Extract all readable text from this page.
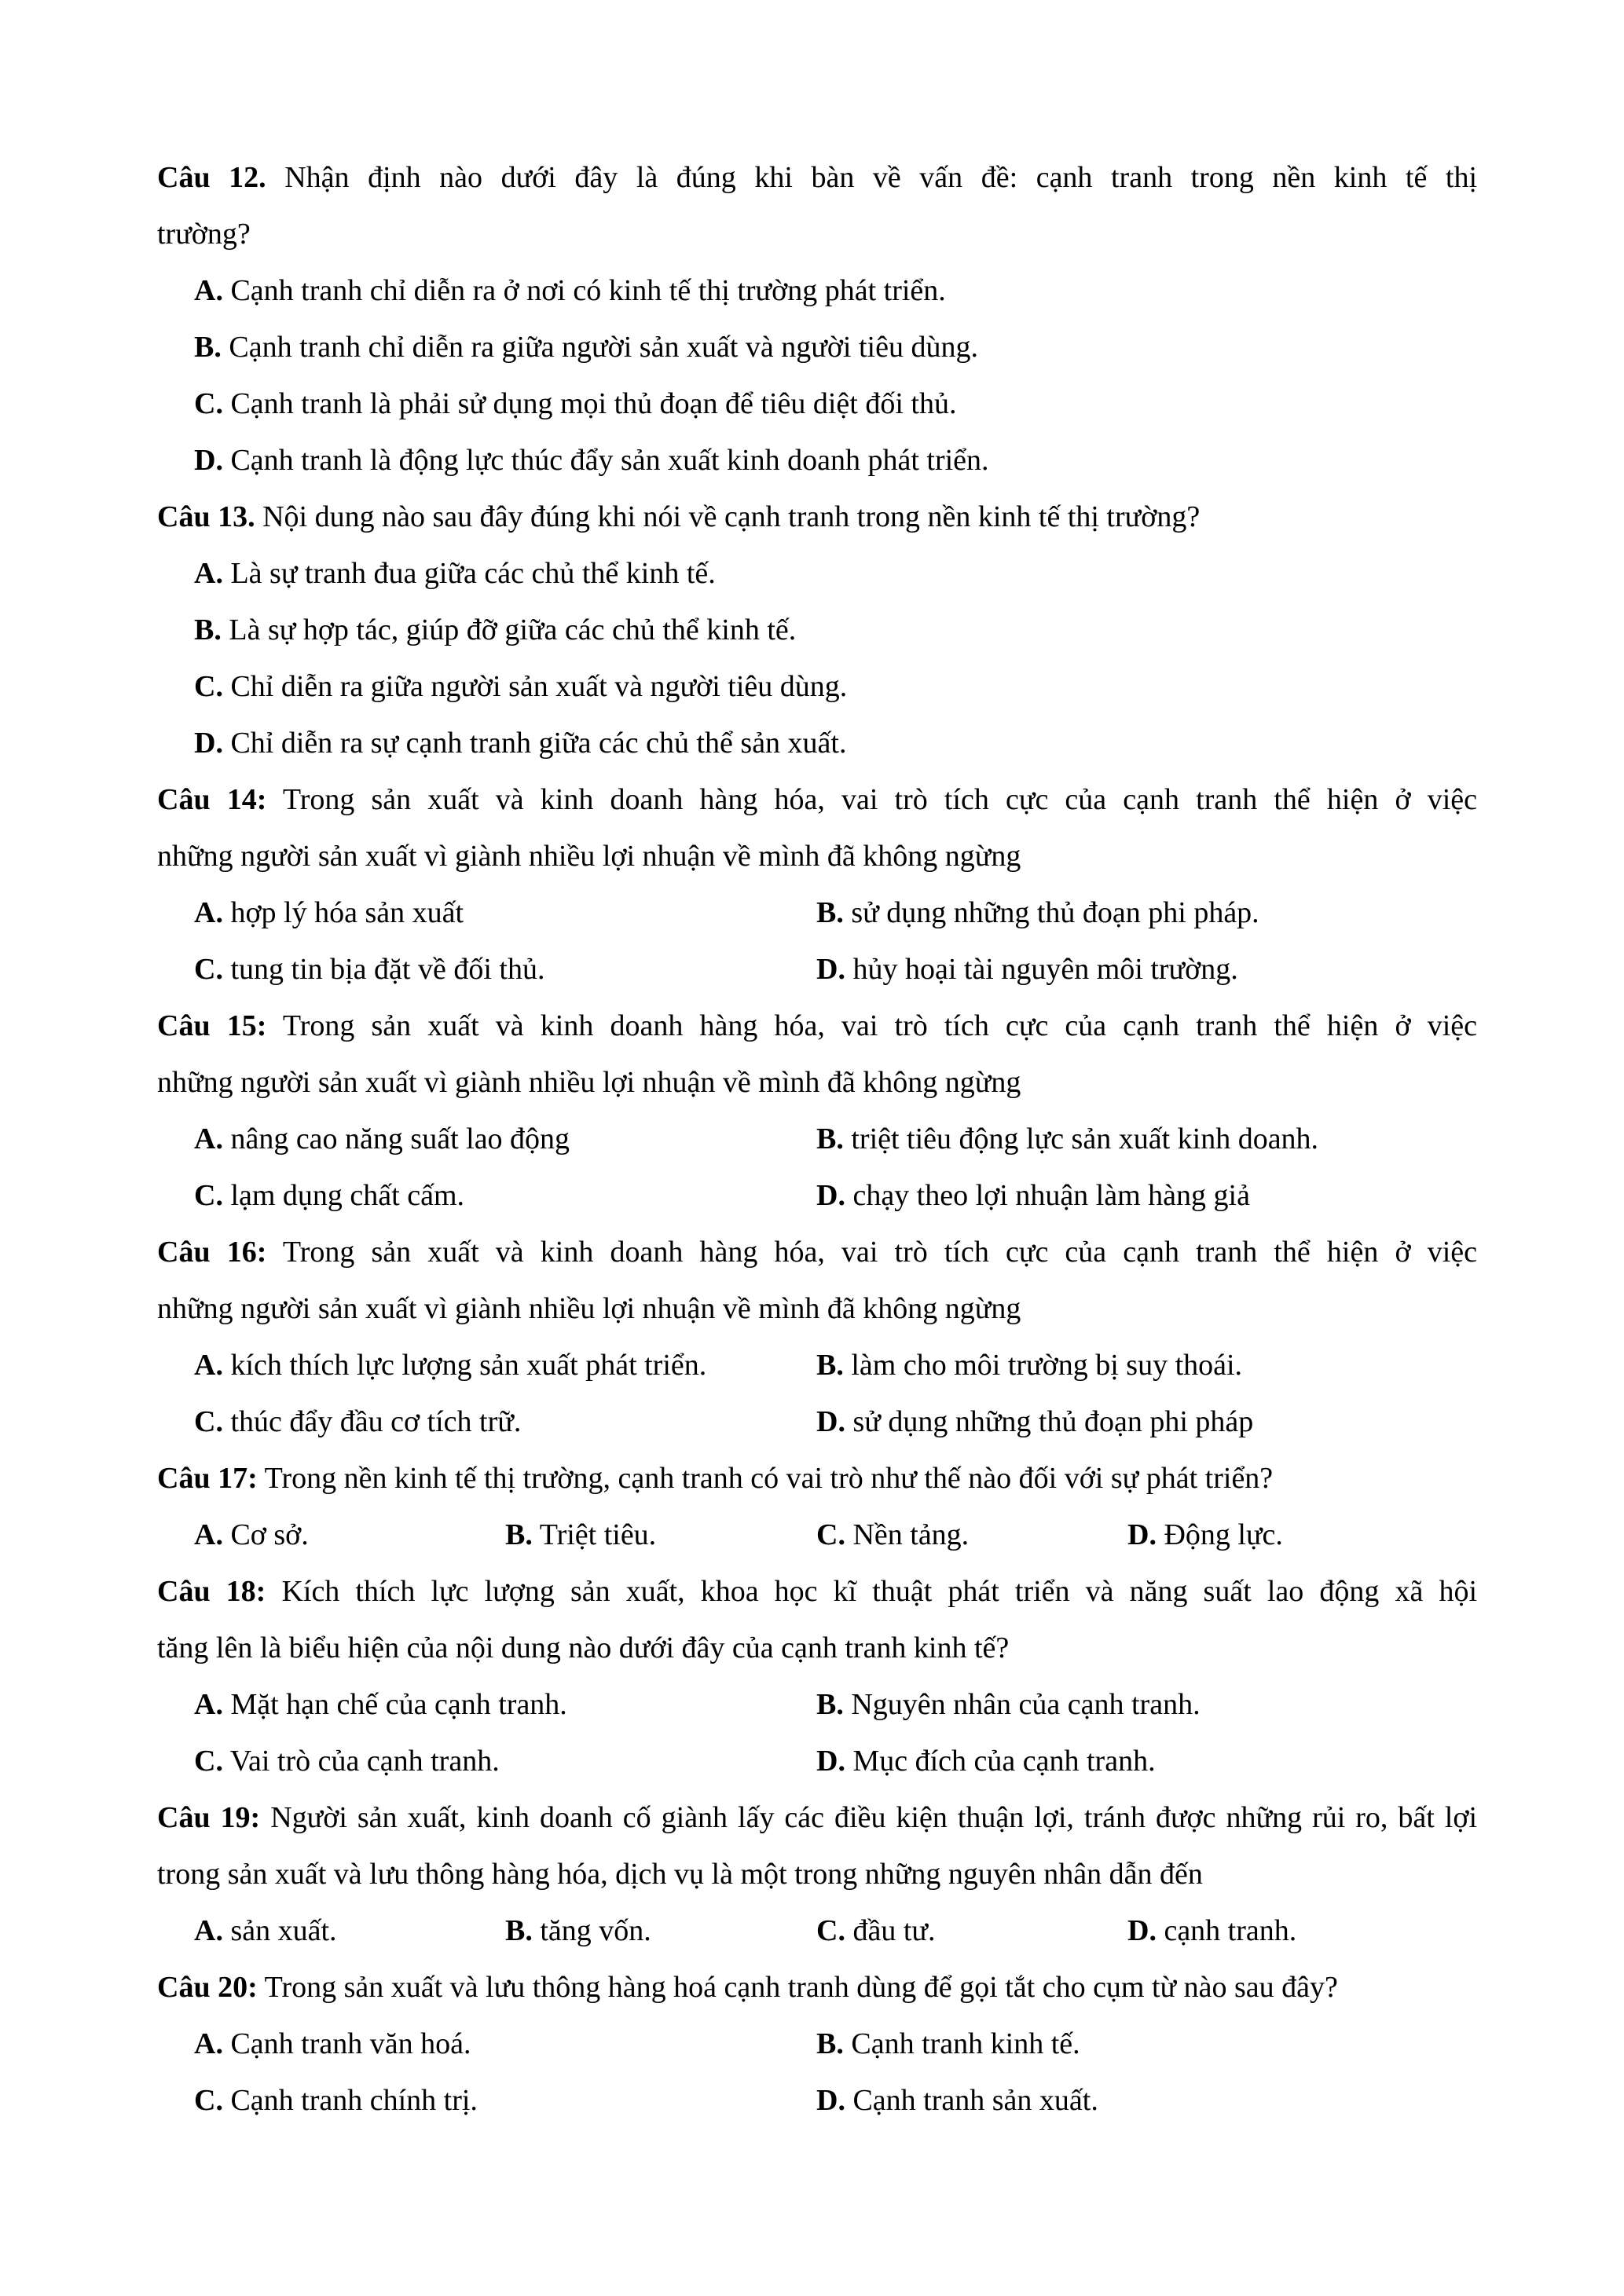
Câu 12. Nhận định nào dưới đây là đúng khi bàn về vấn đề: cạnh tranh trong nền kinh tế thị
trường?
A. Cạnh tranh chỉ diễn ra ở nơi có kinh tế thị trường phát triển.
B. Cạnh tranh chỉ diễn ra giữa người sản xuất và người tiêu dùng.
C. Cạnh tranh là phải sử dụng mọi thủ đoạn để tiêu diệt đối thủ.
D. Cạnh tranh là động lực thúc đẩy sản xuất kinh doanh phát triển.
Câu 13. Nội dung nào sau đây đúng khi nói về cạnh tranh trong nền kinh tế thị trường?
A. Là sự tranh đua giữa các chủ thể kinh tế.
B. Là sự hợp tác, giúp đỡ giữa các chủ thể kinh tế.
C. Chỉ diễn ra giữa người sản xuất và người tiêu dùng.
D. Chỉ diễn ra sự cạnh tranh giữa các chủ thể sản xuất.
Câu 14: Trong sản xuất và kinh doanh hàng hóa, vai trò tích cực của cạnh tranh thể hiện ở việc
những người sản xuất vì giành nhiều lợi nhuận về mình đã không ngừng
A. hợp lý hóa sản xuất	B. sử dụng những thủ đoạn phi pháp.
C. tung tin bịa đặt về đối thủ.	D. hủy hoại tài nguyên môi trường.
Câu 15: Trong sản xuất và kinh doanh hàng hóa, vai trò tích cực của cạnh tranh thể hiện ở việc
những người sản xuất vì giành nhiều lợi nhuận về mình đã không ngừng
A. nâng cao năng suất lao động	B. triệt tiêu động lực sản xuất kinh doanh.
C. lạm dụng chất cấm.	D. chạy theo lợi nhuận làm hàng giả
Câu 16: Trong sản xuất và kinh doanh hàng hóa, vai trò tích cực của cạnh tranh thể hiện ở việc
những người sản xuất vì giành nhiều lợi nhuận về mình đã không ngừng
A. kích thích lực lượng sản xuất phát triển.	B. làm cho môi trường bị suy thoái.
C. thúc đẩy đầu cơ tích trữ.	D. sử dụng những thủ đoạn phi pháp
Câu 17: Trong nền kinh tế thị trường, cạnh tranh có vai trò như thế nào đối với sự phát triển?
A. Cơ sở.	B. Triệt tiêu.	C. Nền tảng.	D. Động lực.
Câu 18: Kích thích lực lượng sản xuất, khoa học kĩ thuật phát triển và năng suất lao động xã hội
tăng lên là biểu hiện của nội dung nào dưới đây của cạnh tranh kinh tế?
A. Mặt hạn chế của cạnh tranh.	B. Nguyên nhân của cạnh tranh.
C. Vai trò của cạnh tranh.	D. Mục đích của cạnh tranh.
Câu 19: Người sản xuất, kinh doanh cố giành lấy các điều kiện thuận lợi, tránh được những rủi ro, bất lợi
trong sản xuất và lưu thông hàng hóa, dịch vụ là một trong những nguyên nhân dẫn đến
A. sản xuất.	B. tăng vốn.	C. đầu tư.	D. cạnh tranh.
Câu 20: Trong sản xuất và lưu thông hàng hoá cạnh tranh dùng để gọi tắt cho cụm từ nào sau đây?
A. Cạnh tranh văn hoá.	B. Cạnh tranh kinh tế.
C. Cạnh tranh chính trị.	D. Cạnh tranh sản xuất.
